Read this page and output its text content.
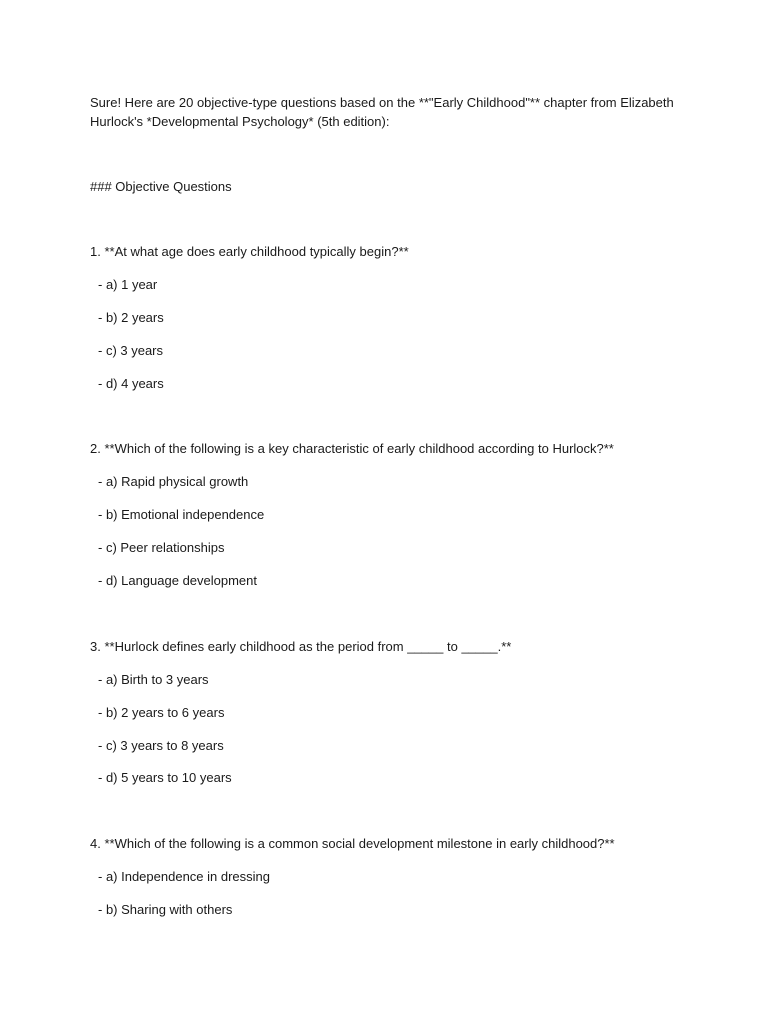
Sure! Here are 20 objective-type questions based on the **"Early Childhood"** chapter from Elizabeth Hurlock's *Developmental Psychology* (5th edition):
### Objective Questions
1. **At what age does early childhood typically begin?**
- a) 1 year
- b) 2 years
- c) 3 years
- d) 4 years
2. **Which of the following is a key characteristic of early childhood according to Hurlock?**
- a) Rapid physical growth
- b) Emotional independence
- c) Peer relationships
- d) Language development
3. **Hurlock defines early childhood as the period from _____ to _____.**
- a) Birth to 3 years
- b) 2 years to 6 years
- c) 3 years to 8 years
- d) 5 years to 10 years
4. **Which of the following is a common social development milestone in early childhood?**
- a) Independence in dressing
- b) Sharing with others
